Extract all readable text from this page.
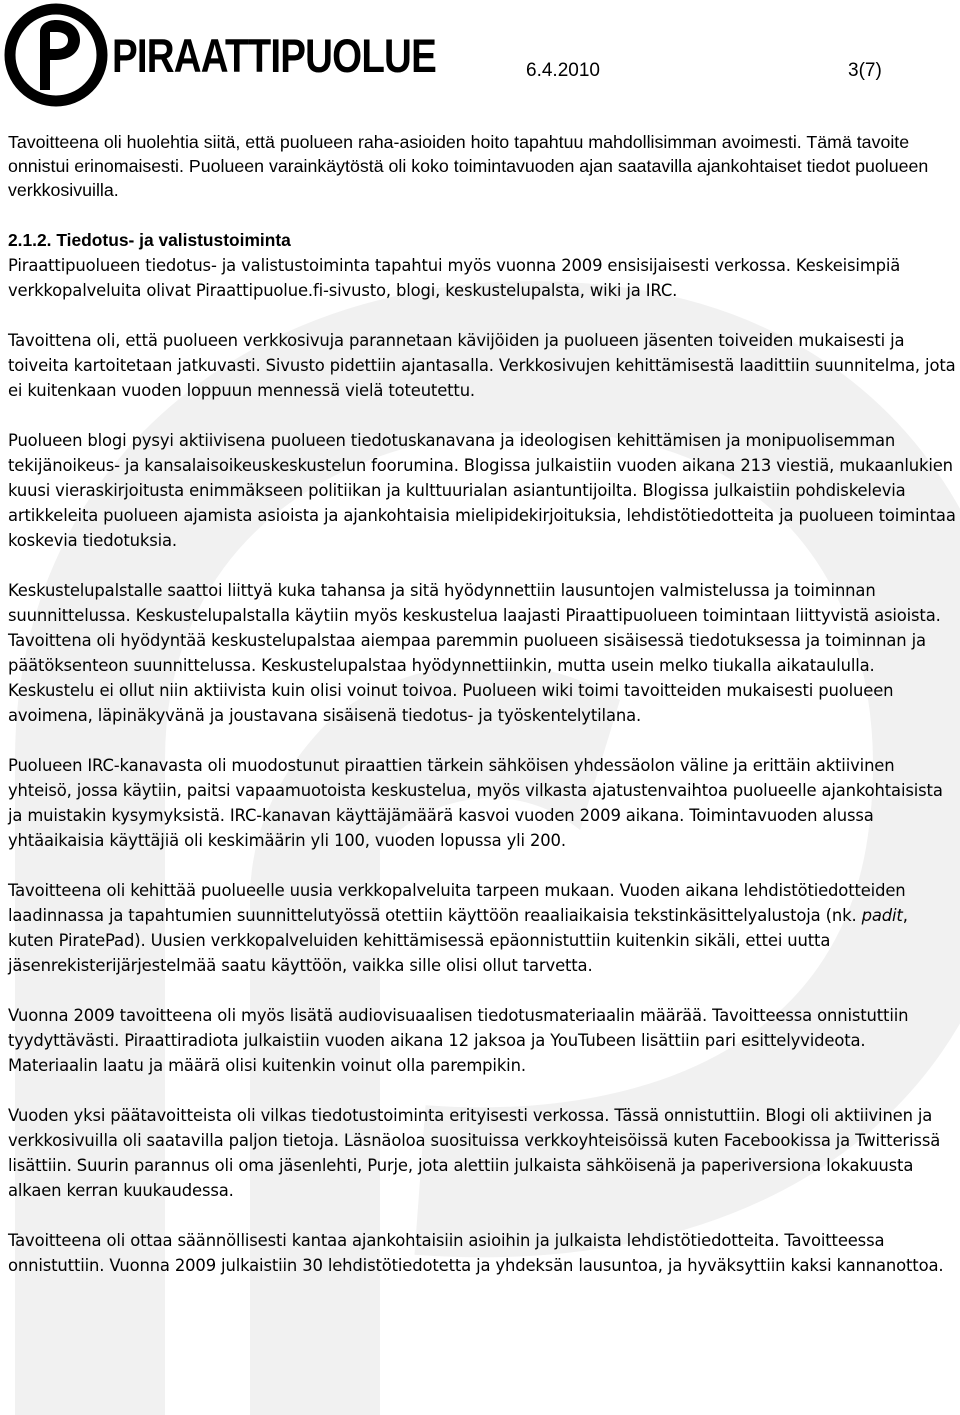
PIRAATTIPUOLUE	6.4.2010	3(7)

Tavoitteena oli huolehtia siitä, että puolueen raha-asioiden hoito tapahtuu mahdollisimman avoimesti. Tämä tavoite onnistui erinomaisesti. Puolueen varainkäytöstä oli koko toimintavuoden ajan saatavilla ajankohtaiset tiedot puolueen verkkosivuilla.

2.1.2. Tiedotus- ja valistustoiminta

Piraattipuolueen tiedotus- ja valistustoiminta tapahtui myös vuonna 2009 ensisijaisesti verkossa. Keskeisimpiä verkkopalveluita olivat Piraattipuolue.fi-sivusto, blogi, keskustelupalsta, wiki ja IRC.

Tavoittena oli, että puolueen verkkosivuja parannetaan kävijöiden ja puolueen jäsenten toiveiden mukaisesti ja toiveita kartoitetaan jatkuvasti. Sivusto pidettiin ajantasalla. Verkkosivujen kehittämisestä laadittiin suunnitelma, jota ei kuitenkaan vuoden loppuun mennessä vielä toteutettu.

Puolueen blogi pysyi aktiivisena puolueen tiedotuskanavana ja ideologisen kehittämisen ja monipuolisemman tekijänoikeus- ja kansalaisoikeuskeskustelun foorumina. Blogissa julkaistiin vuoden aikana 213 viestiä, mukaanlukien kuusi vieraskirjoitusta enimmäkseen politiikan ja kulttuurialan asiantuntijoilta. Blogissa julkaistiin pohdiskelevia artikkeleita puolueen ajamista asioista ja ajankohtaisia mielipidekirjoituksia, lehdistötiedotteita ja puolueen toimintaa koskevia tiedotuksia.

Keskustelupalstalle saattoi liittyä kuka tahansa ja sitä hyödynnettiin lausuntojen valmistelussa ja toiminnan suunnittelussa. Keskustelupalstalla käytiin myös keskustelua laajasti Piraattipuolueen toimintaan liittyvistä asioista. Tavoittena oli hyödyntää keskustelupalstaa aiempaa paremmin puolueen sisäisessä tiedotuksessa ja toiminnan ja päätöksenteon suunnittelussa. Keskustelupalstaa hyödynnettiinkin, mutta usein melko tiukalla aikataululla. Keskustelu ei ollut niin aktiivista kuin olisi voinut toivoa. Puolueen wiki toimi tavoitteiden mukaisesti puolueen avoimena, läpinäkyvänä ja joustavana sisäisenä tiedotus- ja työskentelytilana.

Puolueen IRC-kanavasta oli muodostunut piraattien tärkein sähköisen yhdessäolon väline ja erittäin aktiivinen yhteisö, jossa käytiin, paitsi vapaamuotoista keskustelua, myös vilkasta ajatustenvaihtoa puolueelle ajankohtaisista ja muistakin kysymyksistä. IRC-kanavan käyttäjämäärä kasvoi vuoden 2009 aikana. Toimintavuoden alussa yhtäaikaisia käyttäjiä oli keskimäärin yli 100, vuoden lopussa yli 200.

Tavoitteena oli kehittää puolueelle uusia verkkopalveluita tarpeen mukaan. Vuoden aikana lehdistötiedotteiden laadinnassa ja tapahtumien suunnittelutyössä otettiin käyttöön reaaliaikaisia tekstinkäsittelyalustoja (nk. padit, kuten PiratePad). Uusien verkkopalveluiden kehittämisessä epäonnistuttiin kuitenkin sikäli, ettei uutta jäsenrekisterijärjestelmää saatu käyttöön, vaikka sille olisi ollut tarvetta.

Vuonna 2009 tavoitteena oli myös lisätä audiovisuaalisen tiedotusmateriaalin määrää. Tavoitteessa onnistuttiin tyydyttävästi. Piraattiradiota julkaistiin vuoden aikana 12 jaksoa ja YouTubeen lisättiin pari esittelyvideota. Materiaalin laatu ja määrä olisi kuitenkin voinut olla parempikin.

Vuoden yksi päätavoitteista oli vilkas tiedotustoiminta erityisesti verkossa. Tässä onnistuttiin. Blogi oli aktiivinen ja verkkosivuilla oli saatavilla paljon tietoja. Läsnäoloa suosituissa verkkoyhteisöissä kuten Facebookissa ja Twitterissä lisättiin. Suurin parannus oli oma jäsenlehti, Purje, jota alettiin julkaista sähköisenä ja paperiversiona lokakuusta alkaen kerran kuukaudessa.

Tavoitteena oli ottaa säännöllisesti kantaa ajankohtaisiin asioihin ja julkaista lehdistötiedotteita. Tavoitteessa onnistuttiin. Vuonna 2009 julkaistiin 30 lehdistötiedotetta ja yhdeksän lausuntoa, ja hyväksyttiin kaksi kannanottoa.
